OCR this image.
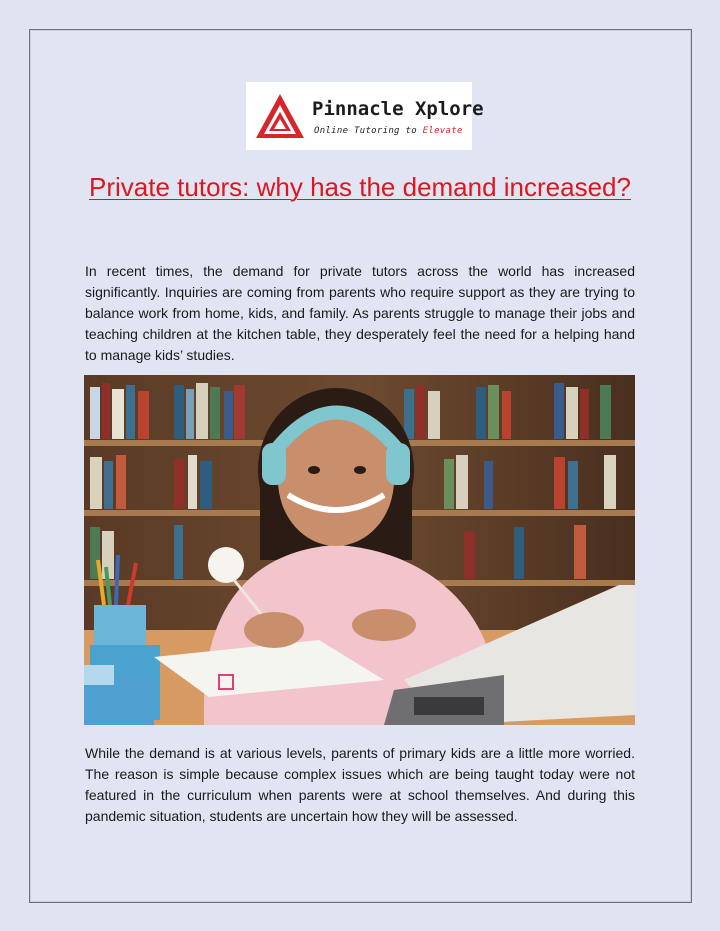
Pinnacle Xplore
Online Tutoring to Elevate
Private tutors: why has the demand increased?

In recent times, the demand for private tutors across the world has increased significantly. Inquiries are coming from parents who require support as they are trying to balance work from home, kids, and family. As parents struggle to manage their jobs and teaching children at the kitchen table, they desperately feel the need for a helping hand to manage kids’ studies.

While the demand is at various levels, parents of primary kids are a little more worried. The reason is simple because complex issues which are being taught today were not featured in the curriculum when parents were at school themselves. And during this pandemic situation, students are uncertain how they will be assessed.
